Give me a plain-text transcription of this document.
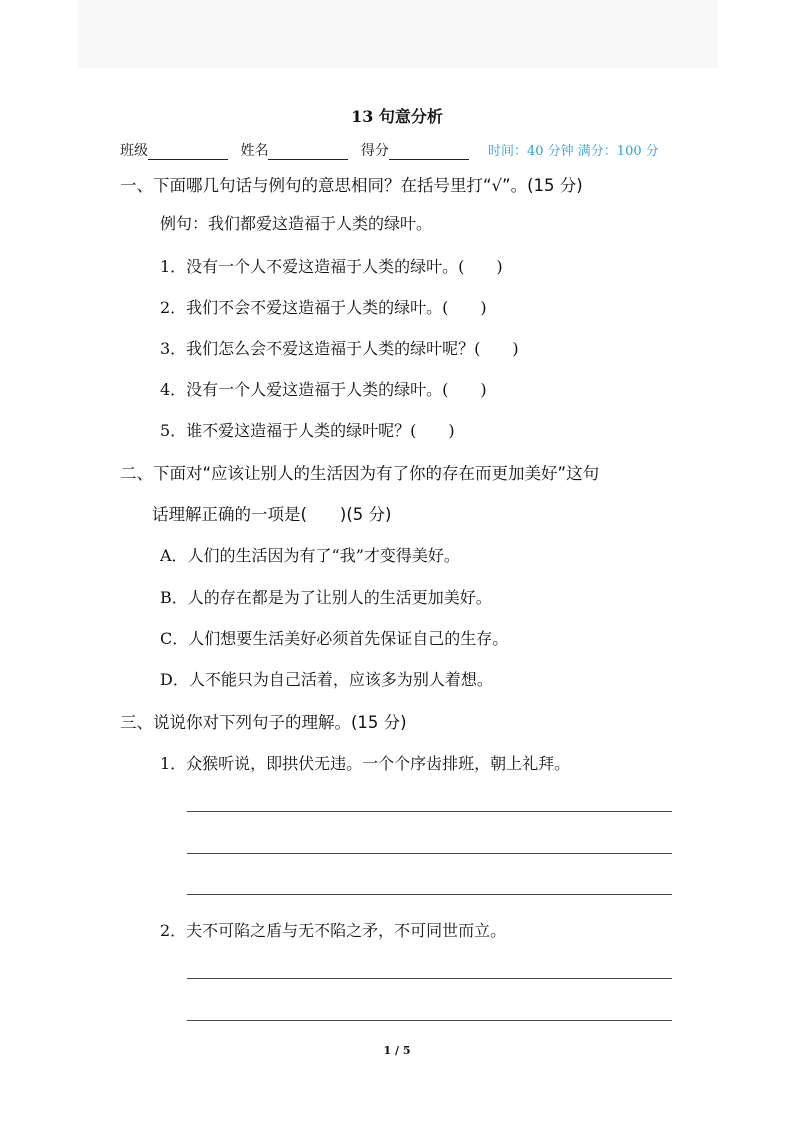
13 句意分析
班级	姓名	得分	时间：40 分钟 满分：100 分
一、下面哪几句话与例句的意思相同？在括号里打“√”。(15 分)
例句：我们都爱这造福于人类的绿叶。
1．没有一个人不爱这造福于人类的绿叶。(　　)
2．我们不会不爱这造福于人类的绿叶。(　　)
3．我们怎么会不爱这造福于人类的绿叶呢？(　　)
4．没有一个人爱这造福于人类的绿叶。(　　)
5．谁不爱这造福于人类的绿叶呢？(　　)
二、下面对“应该让别人的生活因为有了你的存在而更加美好”这句
话理解正确的一项是(　　)(5 分)
A．人们的生活因为有了“我”才变得美好。
B．人的存在都是为了让别人的生活更加美好。
C．人们想要生活美好必须首先保证自己的生存。
D．人不能只为自己活着，应该多为别人着想。
三、说说你对下列句子的理解。(15 分)
1．众猴听说，即拱伏无违。一个个序齿排班，朝上礼拜。
2．夫不可陷之盾与无不陷之矛，不可同世而立。
1 / 5
